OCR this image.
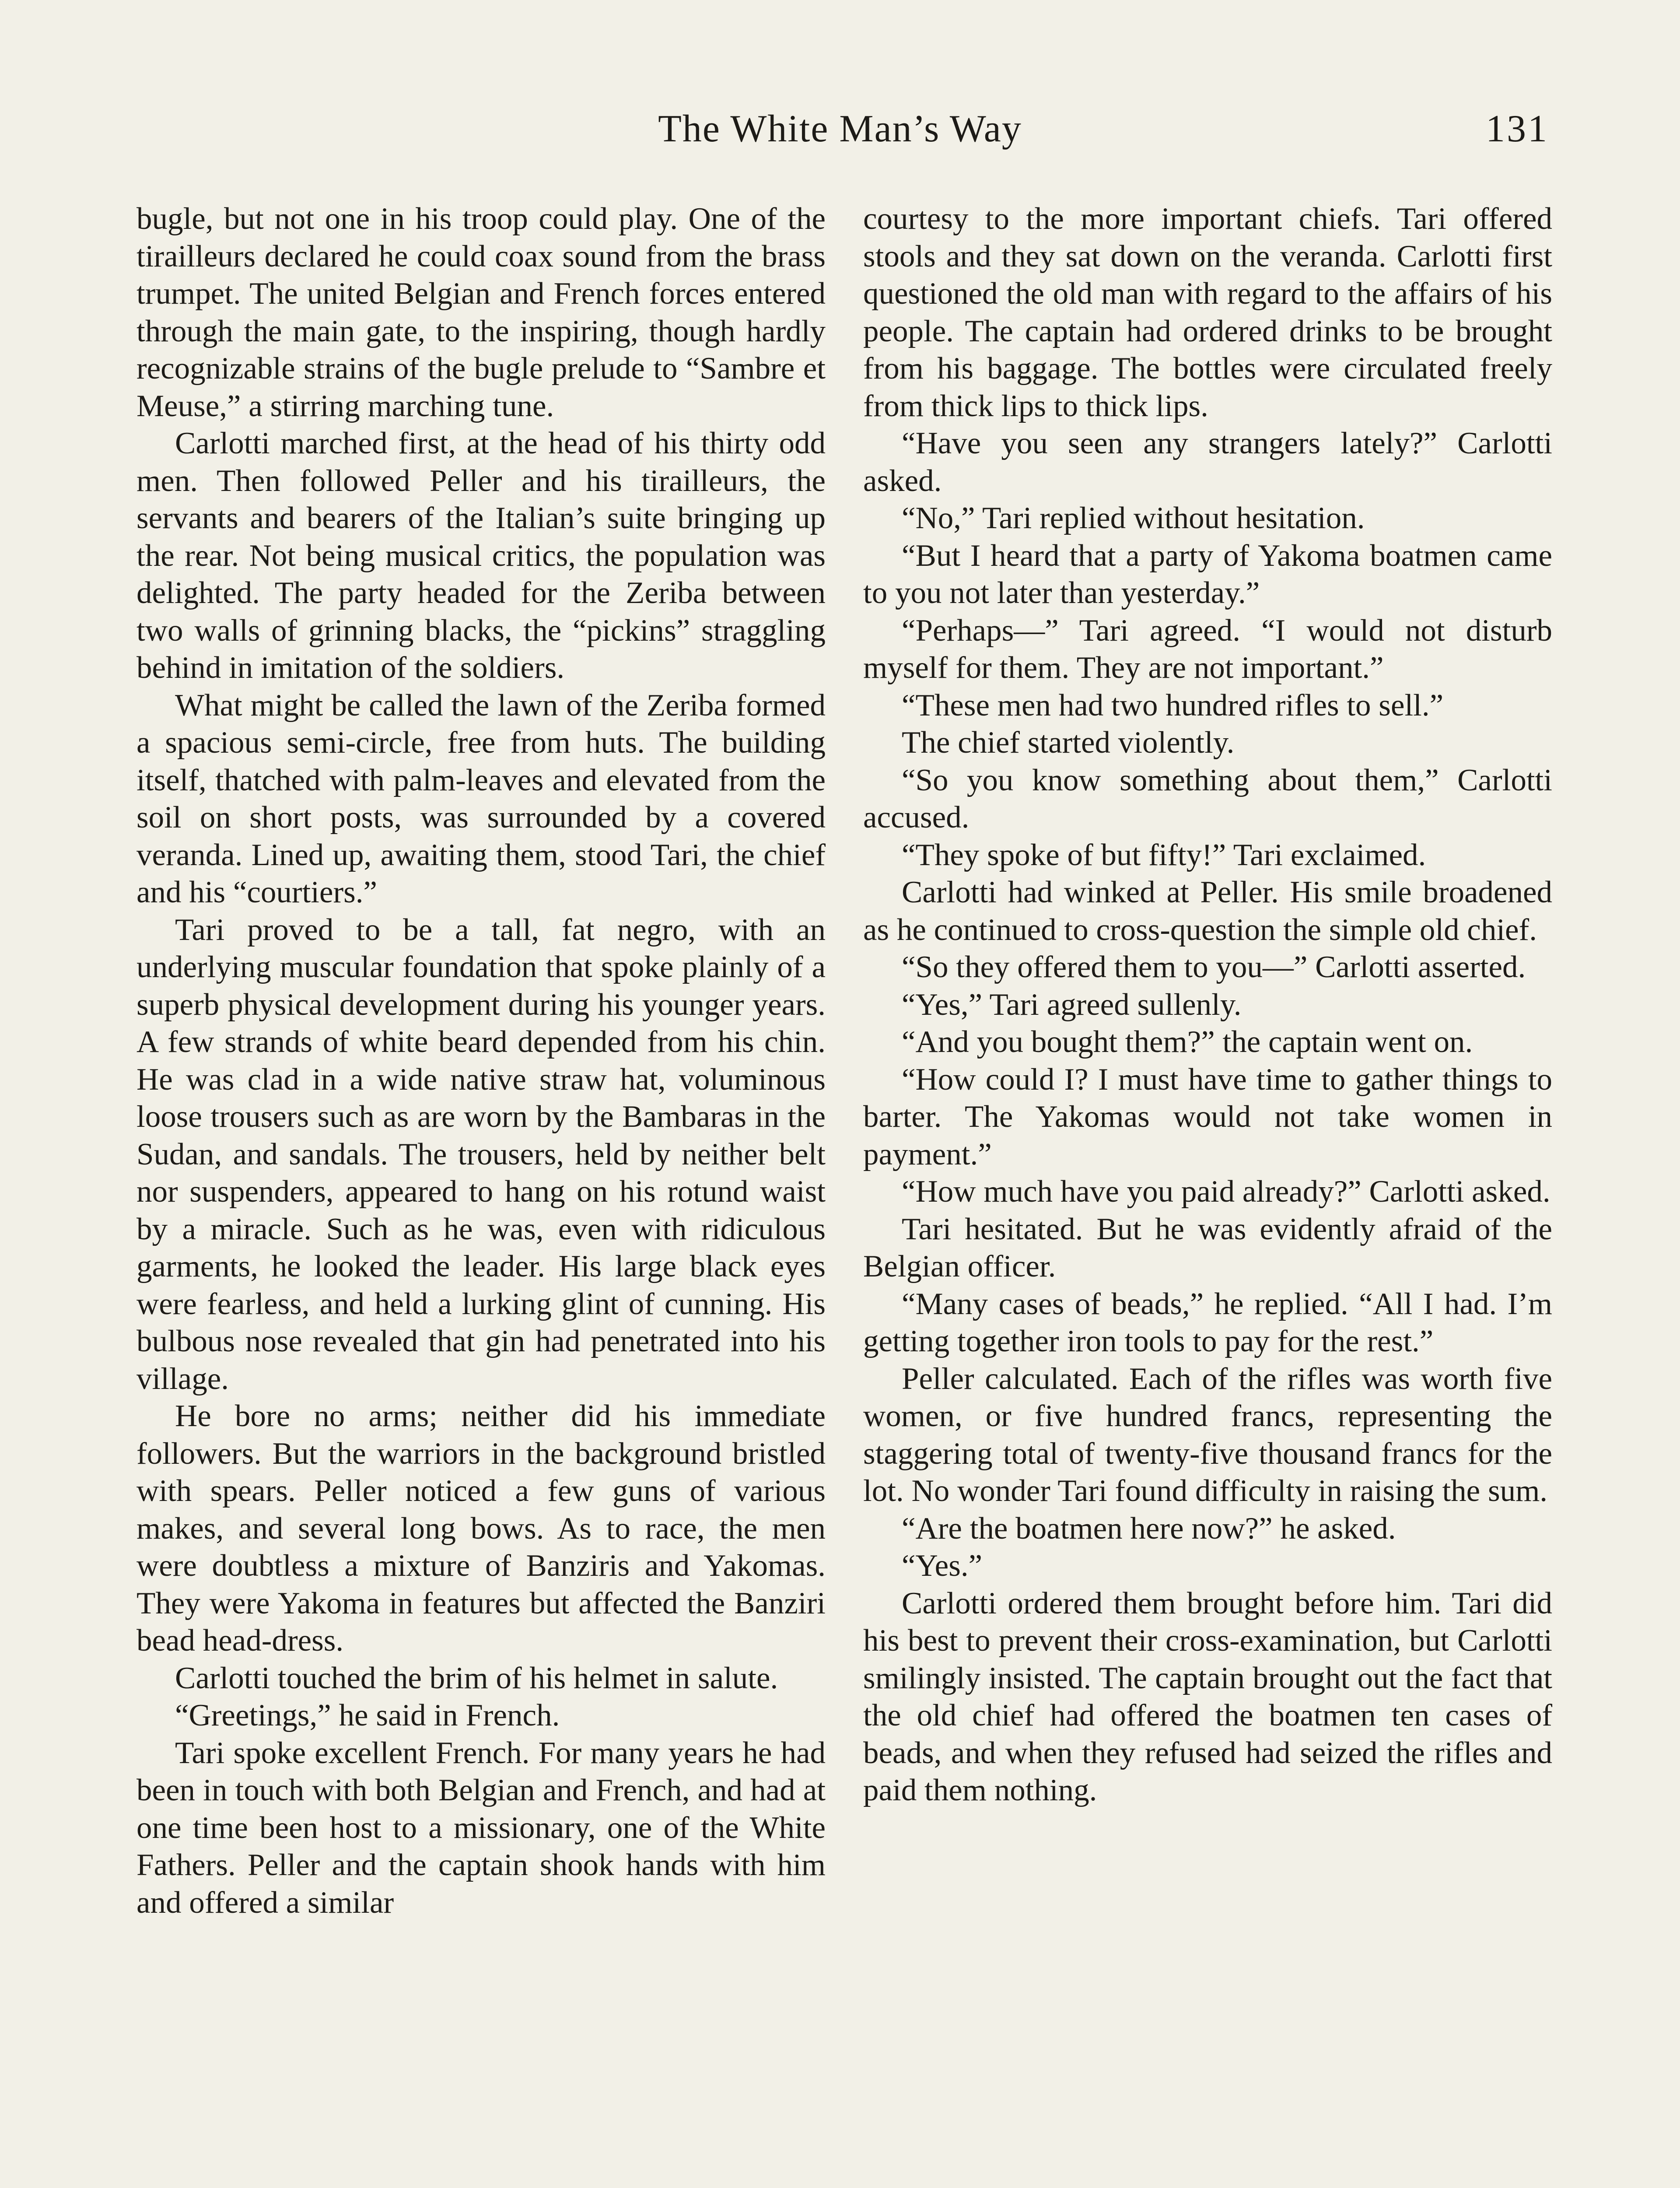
The White Man’s Way	131

bugle, but not one in his troop could play. One of the tirailleurs declared he could coax sound from the brass trumpet. The united Belgian and French forces entered through the main gate, to the inspiring, though hardly recognizable strains of the bugle prelude to “Sambre et Meuse,” a stirring marching tune.

Carlotti marched first, at the head of his thirty odd men. Then followed Peller and his tirailleurs, the servants and bearers of the Italian’s suite bringing up the rear. Not being musical critics, the population was delighted. The party headed for the Zeriba between two walls of grinning blacks, the “pickins” straggling behind in imitation of the soldiers.

What might be called the lawn of the Zeriba formed a spacious semi-circle, free from huts. The building itself, thatched with palm-leaves and elevated from the soil on short posts, was surrounded by a covered veranda. Lined up, awaiting them, stood Tari, the chief and his “courtiers.”

Tari proved to be a tall, fat negro, with an underlying muscular foundation that spoke plainly of a superb physical development during his younger years. A few strands of white beard depended from his chin. He was clad in a wide native straw hat, voluminous loose trousers such as are worn by the Bambaras in the Sudan, and sandals. The trousers, held by neither belt nor suspenders, appeared to hang on his rotund waist by a miracle. Such as he was, even with ridiculous garments, he looked the leader. His large black eyes were fearless, and held a lurking glint of cunning. His bulbous nose revealed that gin had penetrated into his village.

He bore no arms; neither did his immediate followers. But the warriors in the background bristled with spears. Peller noticed a few guns of various makes, and several long bows. As to race, the men were doubtless a mixture of Banziris and Yakomas. They were Yakoma in features but affected the Banziri bead head-dress.

Carlotti touched the brim of his helmet in salute.

“Greetings,” he said in French.

Tari spoke excellent French. For many years he had been in touch with both Belgian and French, and had at one time been host to a missionary, one of the White Fathers. Peller and the captain shook hands with him and offered a similar

courtesy to the more important chiefs. Tari offered stools and they sat down on the veranda. Carlotti first questioned the old man with regard to the affairs of his people. The captain had ordered drinks to be brought from his baggage. The bottles were circulated freely from thick lips to thick lips.

“Have you seen any strangers lately?” Carlotti asked.

“No,” Tari replied without hesitation.

“But I heard that a party of Yakoma boatmen came to you not later than yesterday.”

“Perhaps—” Tari agreed. “I would not disturb myself for them. They are not important.”

“These men had two hundred rifles to sell.”

The chief started violently.

“So you know something about them,” Carlotti accused.

“They spoke of but fifty!” Tari exclaimed.

Carlotti had winked at Peller. His smile broadened as he continued to cross-question the simple old chief.

“So they offered them to you—” Carlotti asserted.

“Yes,” Tari agreed sullenly.

“And you bought them?” the captain went on.

“How could I? I must have time to gather things to barter. The Yakomas would not take women in payment.”

“How much have you paid already?” Carlotti asked.

Tari hesitated. But he was evidently afraid of the Belgian officer.

“Many cases of beads,” he replied. “All I had. I’m getting together iron tools to pay for the rest.”

Peller calculated. Each of the rifles was worth five women, or five hundred francs, representing the staggering total of twenty-five thousand francs for the lot. No wonder Tari found difficulty in raising the sum.

“Are the boatmen here now?” he asked.

“Yes.”

Carlotti ordered them brought before him. Tari did his best to prevent their cross-examination, but Carlotti smilingly insisted. The captain brought out the fact that the old chief had offered the boatmen ten cases of beads, and when they refused had seized the rifles and paid them nothing.
